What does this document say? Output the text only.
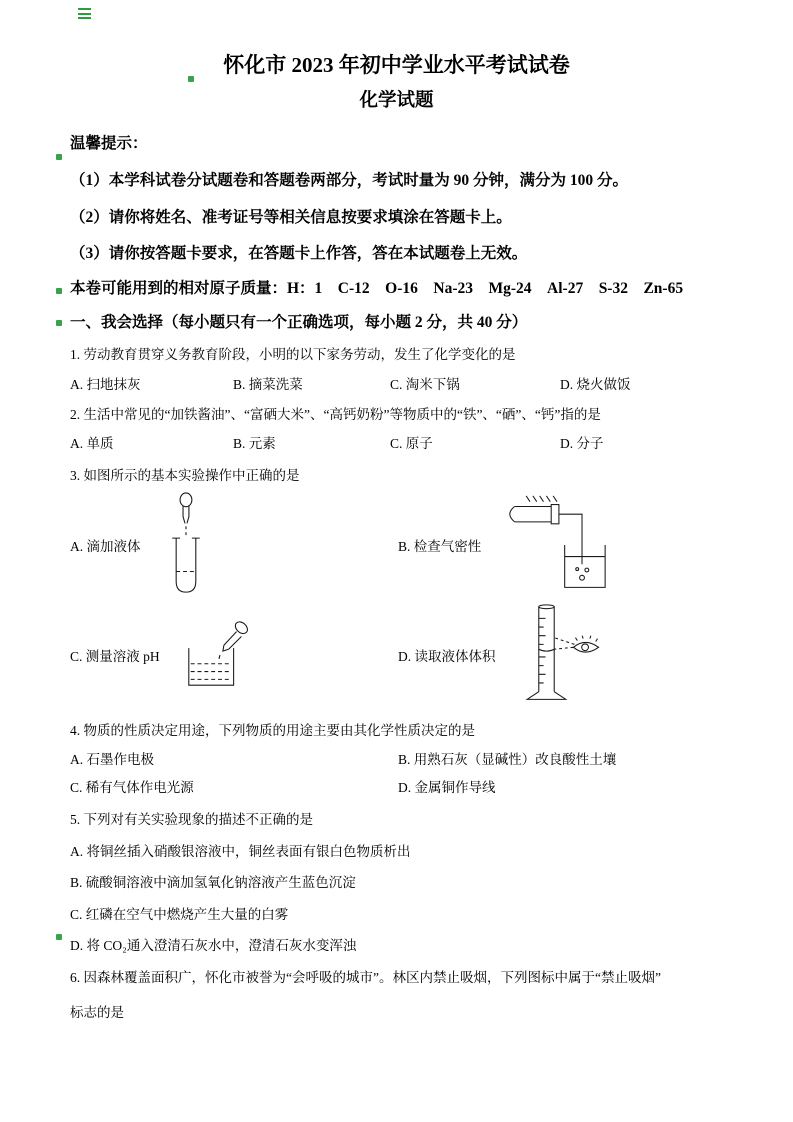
怀化市 2023 年初中学业水平考试试卷
化学试题
温馨提示：
（1）本学科试卷分试题卷和答题卷两部分，考试时量为 90 分钟，满分为 100 分。
（2）请你将姓名、准考证号等相关信息按要求填涂在答题卡上。
（3）请你按答题卡要求，在答题卡上作答，答在本试题卷上无效。
本卷可能用到的相对原子质量：H：1　C-12　O-16　Na-23　Mg-24　Al-27　S-32　Zn-65
一、我会选择（每小题只有一个正确选项，每小题 2 分，共 40 分）
1. 劳动教育贯穿义务教育阶段，小明的以下家务劳动，发生了化学变化的是
A. 扫地抹灰	B. 摘菜洗菜	C. 淘米下锅	D. 烧火做饭
2. 生活中常见的“加铁酱油”、“富硒大米”、“高钙奶粉”等物质中的“铁”、“硒”、“钙”指的是
A. 单质	B. 元素	C. 原子	D. 分子
3. 如图所示的基本实验操作中正确的是
A. 滴加液体	B. 检查气密性
C. 测量溶液 pH	D. 读取液体体积
4. 物质的性质决定用途，下列物质的用途主要由其化学性质决定的是
A. 石墨作电极	B. 用熟石灰（显碱性）改良酸性土壤
C. 稀有气体作电光源	D. 金属铜作导线
5. 下列对有关实验现象的描述不正确的是
A. 将铜丝插入硝酸银溶液中，铜丝表面有银白色物质析出
B. 硫酸铜溶液中滴加氢氧化钠溶液产生蓝色沉淀
C. 红磷在空气中燃烧产生大量的白雾
D. 将 CO₂通入澄清石灰水中，澄清石灰水变浑浊
6. 因森林覆盖面积广，怀化市被誉为“会呼吸的城市”。林区内禁止吸烟，下列图标中属于“禁止吸烟”
标志的是
